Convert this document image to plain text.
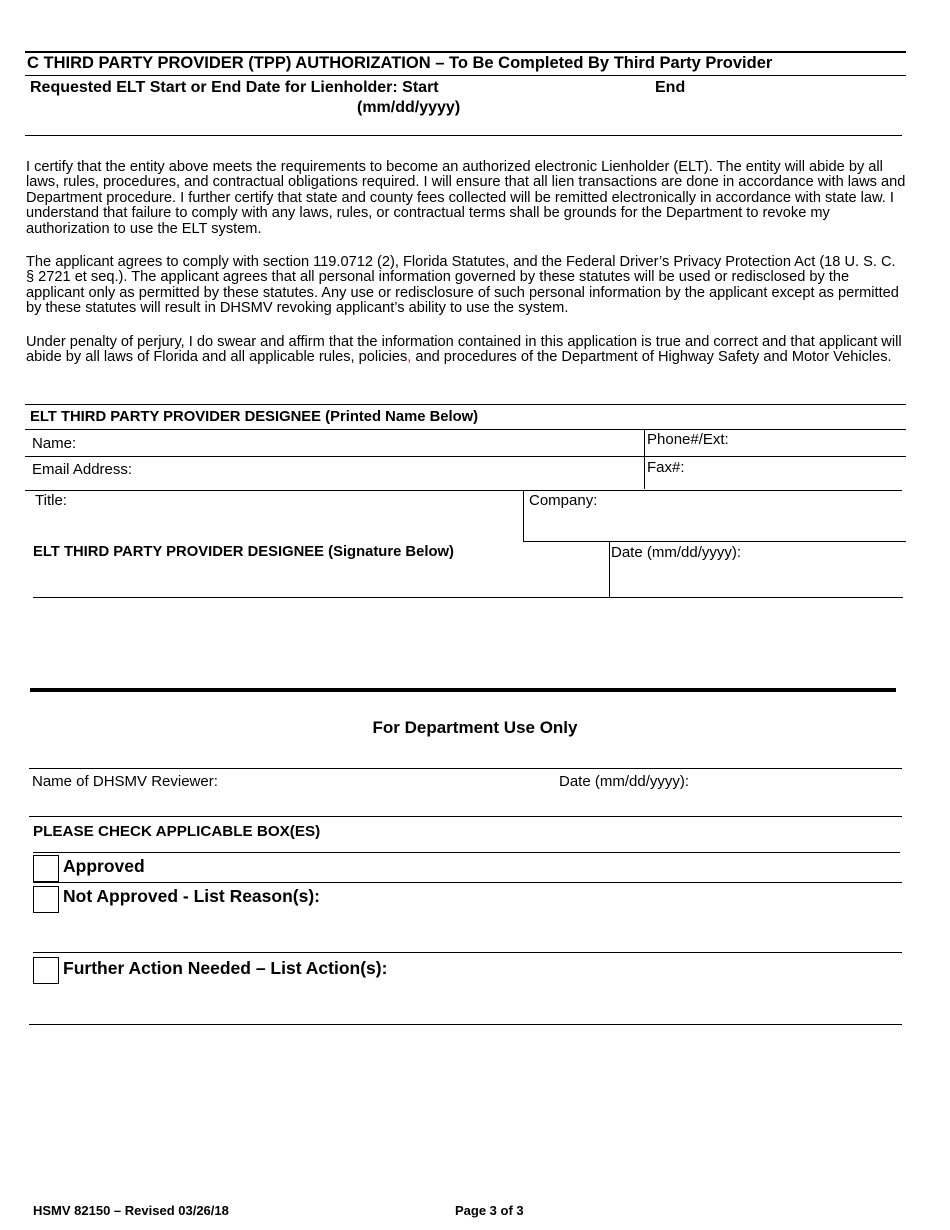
C THIRD PARTY PROVIDER (TPP) AUTHORIZATION – To Be Completed By Third Party Provider
Requested ELT Start or End Date for Lienholder: Start
(mm/dd/yyyy)
End

I certify that the entity above meets the requirements to become an authorized electronic Lienholder (ELT). The entity will abide by all laws, rules, procedures, and contractual obligations required. I will ensure that all lien transactions are done in accordance with laws and Department procedure. I further certify that state and county fees collected will be remitted electronically in accordance with state law. I understand that failure to comply with any laws, rules, or contractual terms shall be grounds for the Department to revoke my authorization to use the ELT system.

The applicant agrees to comply with section 119.0712 (2), Florida Statutes, and the Federal Driver’s Privacy Protection Act (18 U. S. C. § 2721 et seq.). The applicant agrees that all personal information governed by these statutes will be used or redisclosed by the applicant only as permitted by these statutes. Any use or redisclosure of such personal information by the applicant except as permitted by these statutes will result in DHSMV revoking applicant’s ability to use the system.

Under penalty of perjury, I do swear and affirm that the information contained in this application is true and correct and that applicant will abide by all laws of Florida and all applicable rules, policies, and procedures of the Department of Highway Safety and Motor Vehicles.

ELT THIRD PARTY PROVIDER DESIGNEE (Printed Name Below)
Name:	Phone#/Ext:
Email Address:	Fax#:
Title:	Company:
ELT THIRD PARTY PROVIDER DESIGNEE (Signature Below)	Date (mm/dd/yyyy):
For Department Use Only
Name of DHSMV Reviewer:	Date (mm/dd/yyyy):
PLEASE CHECK APPLICABLE BOX(ES)
Approved
Not Approved - List Reason(s):
Further Action Needed – List Action(s):
HSMV 82150 – Revised 03/26/18	Page 3 of 3
